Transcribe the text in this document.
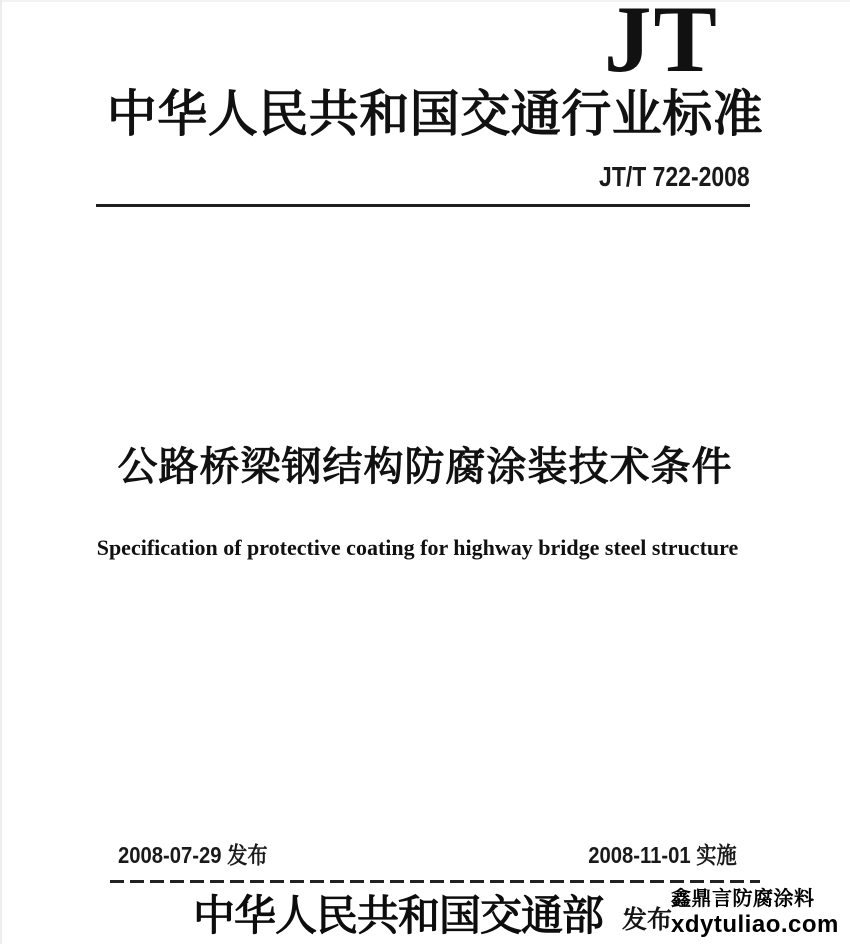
JT
中华人民共和国交通行业标准
JT/T 722-2008
公路桥梁钢结构防腐涂装技术条件
Specification of protective coating for highway bridge steel structure
2008-07-29 发布	2008-11-01 实施
中华人民共和国交通部 发布
鑫鼎言防腐涂料
xdytuliao.com
